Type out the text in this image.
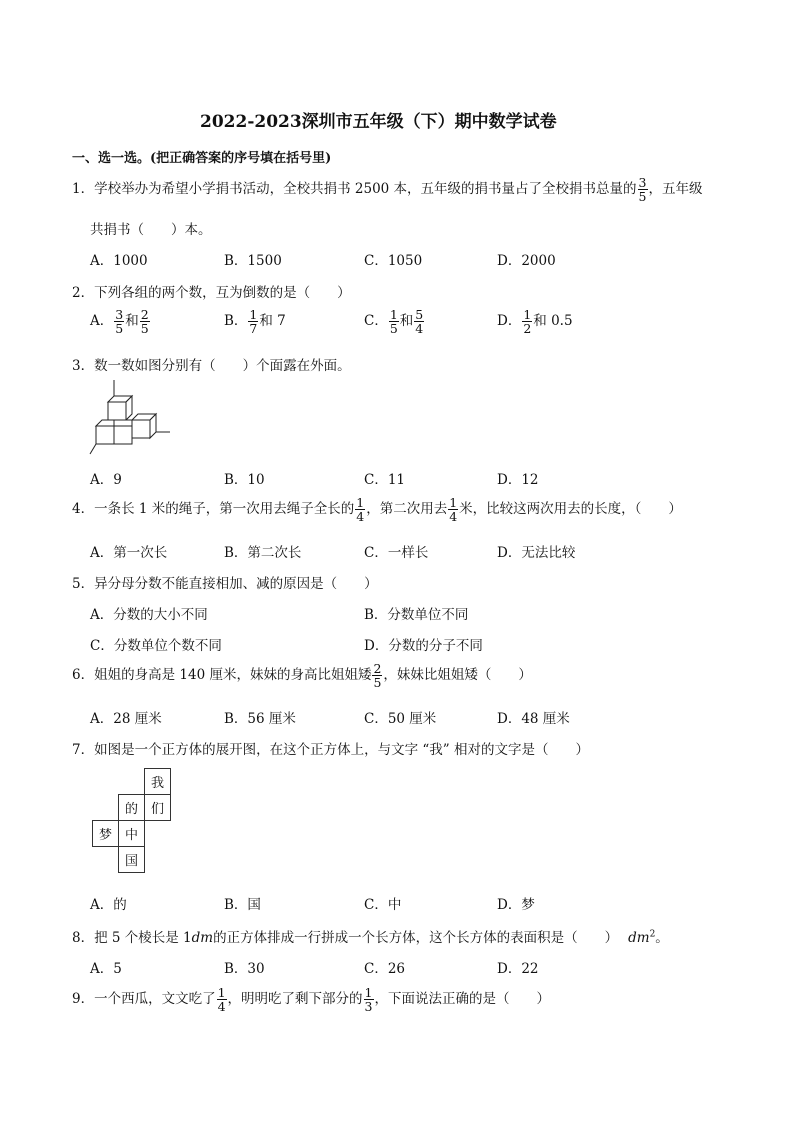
2022-2023深圳市五年级（下）期中数学试卷
一、选一选。(把正确答案的序号填在括号里)
1．学校举办为希望小学捐书活动，全校共捐书 2500 本，五年级的捐书量占了全校捐书总量的 $\frac{3}{5}$ ，五年级
共捐书（　　）本。
A．1000	B．1500	C．1050	D．2000
2．下列各组的两个数，互为倒数的是（　　）
A． $\frac{3}{5}$ 和 $\frac{2}{5}$	B． $\frac{1}{7}$ 和 7	C． $\frac{1}{5}$ 和 $\frac{5}{4}$	D． $\frac{1}{2}$ 和 0.5
3．数一数如图分别有（　　）个面露在外面。
A．9	B．10	C．11	D．12
4．一条长 1 米的绳子，第一次用去绳子全长的 $\frac{1}{4}$ ，第二次用去 $\frac{1}{4}$ 米，比较这两次用去的长度，（　　）
A．第一次长	B．第二次长	C．一样长	D．无法比较
5．异分母分数不能直接相加、减的原因是（　　）
A．分数的大小不同	B．分数单位不同
C．分数单位个数不同	D．分数的分子不同
6．姐姐的身高是 140 厘米，妹妹的身高比姐姐矮 $\frac{2}{5}$ ，妹妹比姐姐矮（　　）
A．28 厘米	B．56 厘米	C．50 厘米	D．48 厘米
7．如图是一个正方体的展开图，在这个正方体上，与文字 “我” 相对的文字是（　　）
我
的 们
梦 中
国
A．的	B．国	C．中	D．梦
8．把 5 个棱长是 1dm的正方体排成一行拼成一个长方体，这个长方体的表面积是（　　） $dm^2$。
A．5	B．30	C．26	D．22
9．一个西瓜，文文吃了 $\frac{1}{4}$ ，明明吃了剩下部分的 $\frac{1}{3}$ ，下面说法正确的是（　　）
